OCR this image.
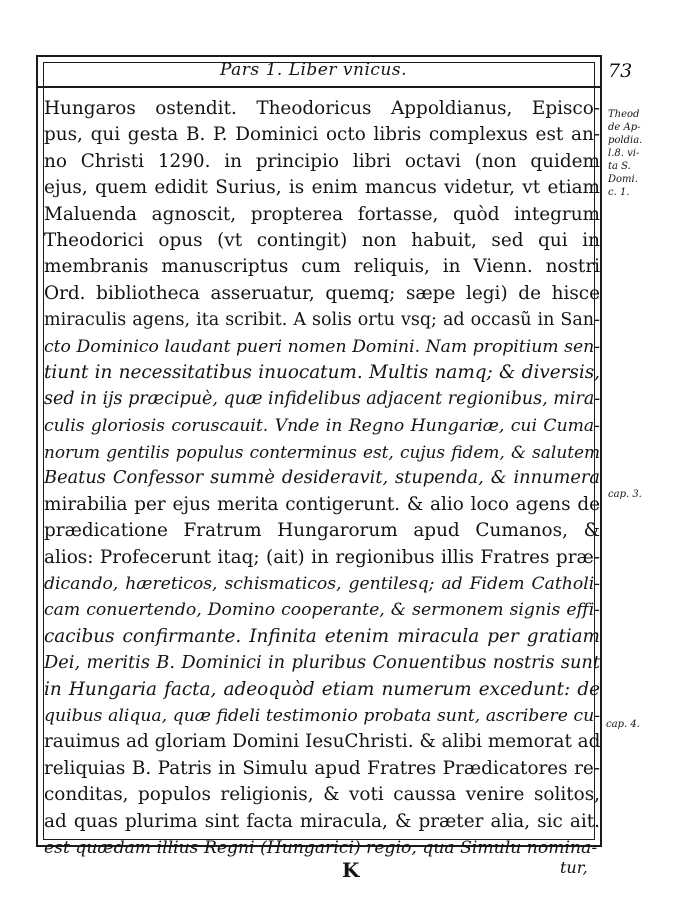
Pars 1. Liber vnicus.	73
Hungaros ostendit. Theodoricus Appoldianus, Episco-
pus, qui gesta B. P. Dominici octo libris complexus est an-
no Christi 1290. in principio libri octavi (non quidem
ejus, quem edidit Surius, is enim mancus videtur, vt etiam
Maluenda agnoscit, propterea fortasse, quòd integrum
Theodorici opus (vt contingit) non habuit, sed qui in
membranis manuscriptus cum reliquis, in Vienn. nostri
Ord. bibliotheca asseruatur, quemq; sæpe legi) de hisce
miraculis agens, ita scribit. A solis ortu vsq; ad occasũ in San-
cto Dominico laudant pueri nomen Domini. Nam propitium sen-
tiunt in necessitatibus inuocatum. Multis namq; & diversis,
sed in ijs præcipuè, quæ infidelibus adjacent regionibus, mira-
culis gloriosis coruscauit. Vnde in Regno Hungariæ, cui Cuma-
norum gentilis populus conterminus est, cujus fidem, & salutem
Beatus Confessor summè desideravit, stupenda, & innumera
mirabilia per ejus merita contigerunt. & alio loco agens de
prædicatione Fratrum Hungarorum apud Cumanos, &
alios: Profecerunt itaq; (ait) in regionibus illis Fratres præ-
dicando, hæreticos, schismaticos, gentilesq; ad Fidem Catholi-
cam conuertendo, Domino cooperante, & sermonem signis effi-
cacibus confirmante. Infinita etenim miracula per gratiam
Dei, meritis B. Dominici in pluribus Conuentibus nostris sunt
in Hungaria facta, adeoquòd etiam numerum excedunt: de
quibus aliqua, quæ fideli testimonio probata sunt, ascribere cu-
rauimus ad gloriam Domini IesuChristi. & alibi memorat ad
reliquias B. Patris in Simulu apud Fratres Prædicatores re-
conditas, populos religionis, & voti caussa venire solitos,
ad quas plurima sint facta miracula, & præter alia, sic ait.
est quædam illius Regni (Hungarici) regio, qua Simulu nomina-
Theod
de Ap-
poldia.
l.8. vi-
ta S.
Domi.
c. 1.
cap. 3.
cap. 4.
K	tur,
